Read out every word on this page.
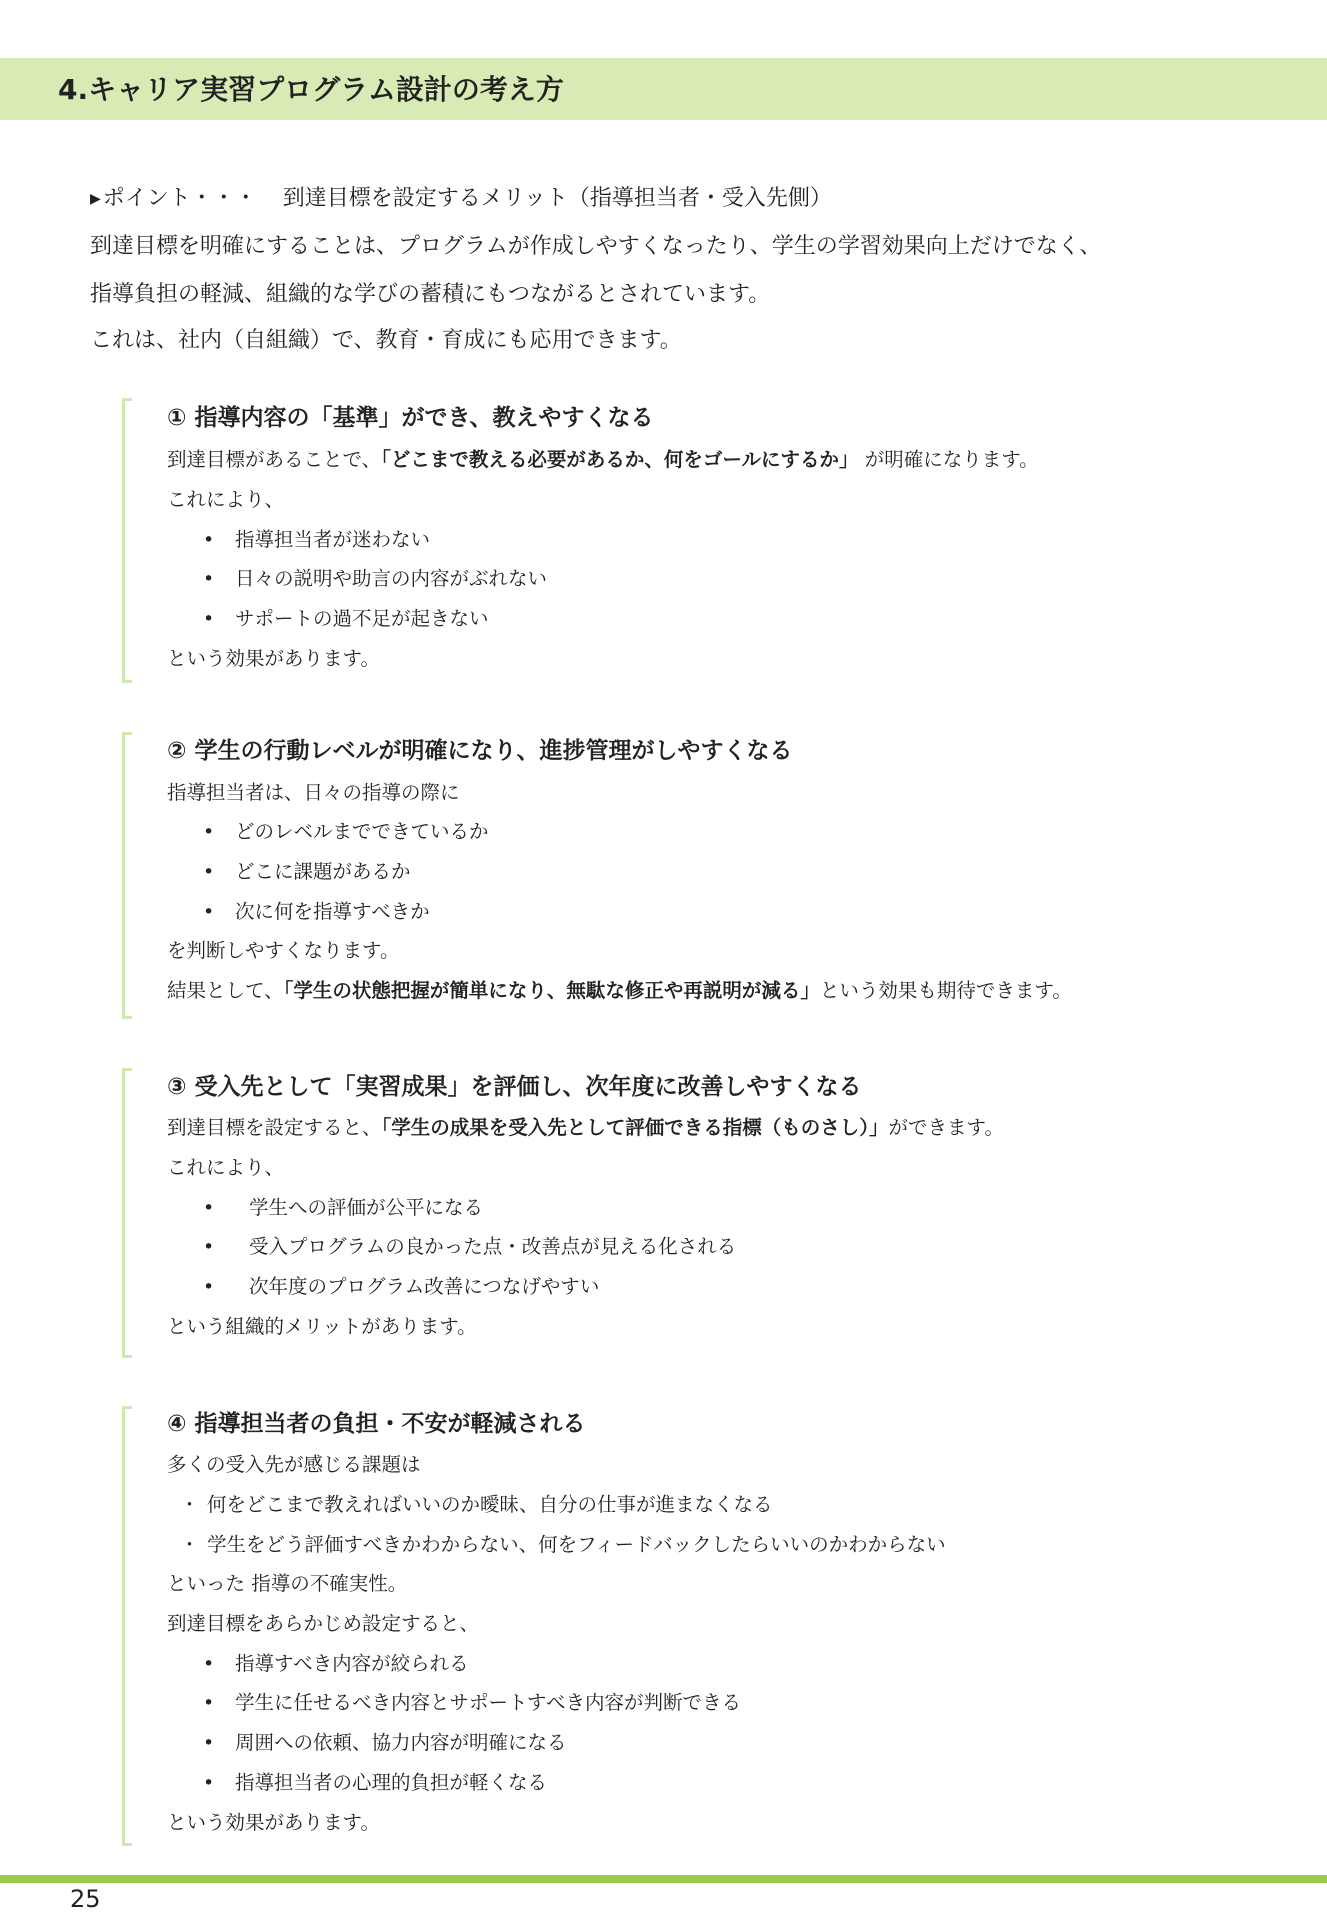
4.キャリア実習プログラム設計の考え方
▶ポイント・・・ 到達目標を設定するメリット（指導担当者・受入先側）
到達目標を明確にすることは、プログラムが作成しやすくなったり、学生の学習効果向上だけでなく、
指導負担の軽減、組織的な学びの蓄積にもつながるとされています。
これは、社内（自組織）で、教育・育成にも応用できます。
① 指導内容の「基準」ができ、教えやすくなる
到達目標があることで、「どこまで教える必要があるか、何をゴールにするか」 が明確になります。
これにより、
• 指導担当者が迷わない
• 日々の説明や助言の内容がぶれない
• サポートの過不足が起きない
という効果があります。
② 学生の行動レベルが明確になり、進捗管理がしやすくなる
指導担当者は、日々の指導の際に
• どのレベルまでできているか
• どこに課題があるか
• 次に何を指導すべきか
を判断しやすくなります。
結果として、「学生の状態把握が簡単になり、無駄な修正や再説明が減る」という効果も期待できます。
③ 受入先として「実習成果」を評価し、次年度に改善しやすくなる
到達目標を設定すると、「学生の成果を受入先として評価できる指標（ものさし）」ができます。
これにより、
• 学生への評価が公平になる
• 受入プログラムの良かった点・改善点が見える化される
• 次年度のプログラム改善につなげやすい
という組織的メリットがあります。
④ 指導担当者の負担・不安が軽減される
多くの受入先が感じる課題は
・ 何をどこまで教えればいいのか曖昧、自分の仕事が進まなくなる
・ 学生をどう評価すべきかわからない、何をフィードバックしたらいいのかわからない
といった 指導の不確実性。
到達目標をあらかじめ設定すると、
• 指導すべき内容が絞られる
• 学生に任せるべき内容とサポートすべき内容が判断できる
• 周囲への依頼、協力内容が明確になる
• 指導担当者の心理的負担が軽くなる
という効果があります。
25
